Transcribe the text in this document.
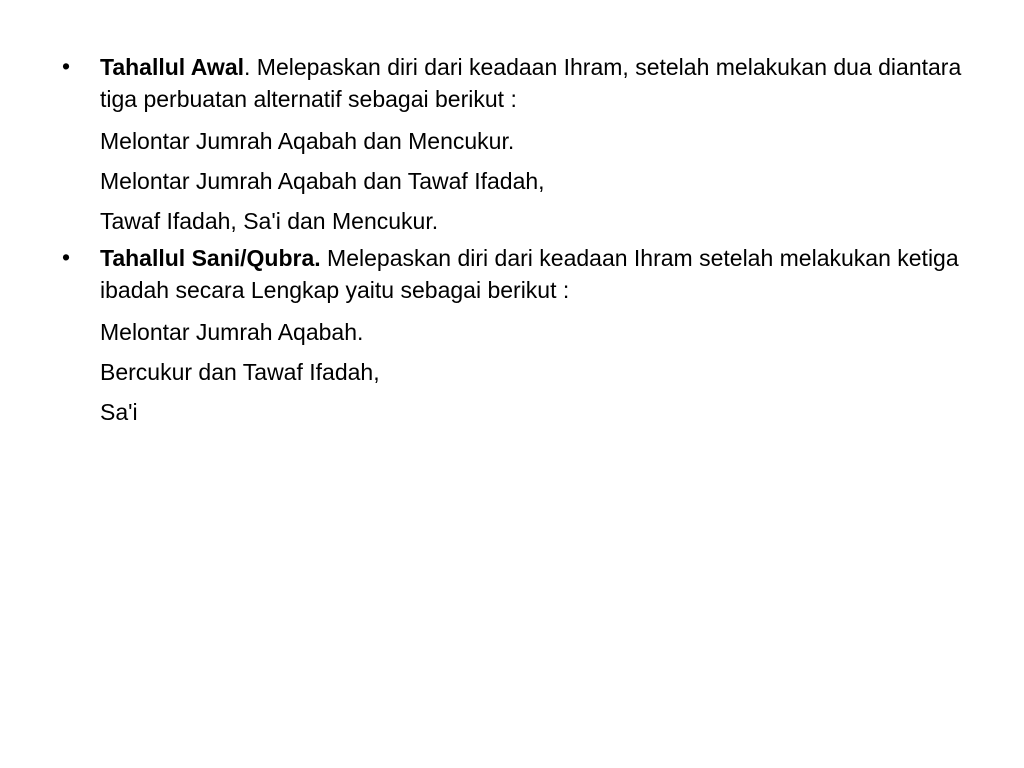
•	Tahallul Awal. Melepaskan diri dari keadaan Ihram, setelah melakukan dua diantara tiga perbuatan alternatif sebagai berikut :

Melontar Jumrah Aqabah dan Mencukur.

Melontar Jumrah Aqabah dan Tawaf Ifadah,

Tawaf Ifadah, Sa'i dan Mencukur.

•	Tahallul Sani/Qubra. Melepaskan diri dari keadaan Ihram setelah melakukan ketiga ibadah secara Lengkap yaitu sebagai berikut :

Melontar Jumrah Aqabah.

Bercukur dan Tawaf Ifadah,

Sa'i
